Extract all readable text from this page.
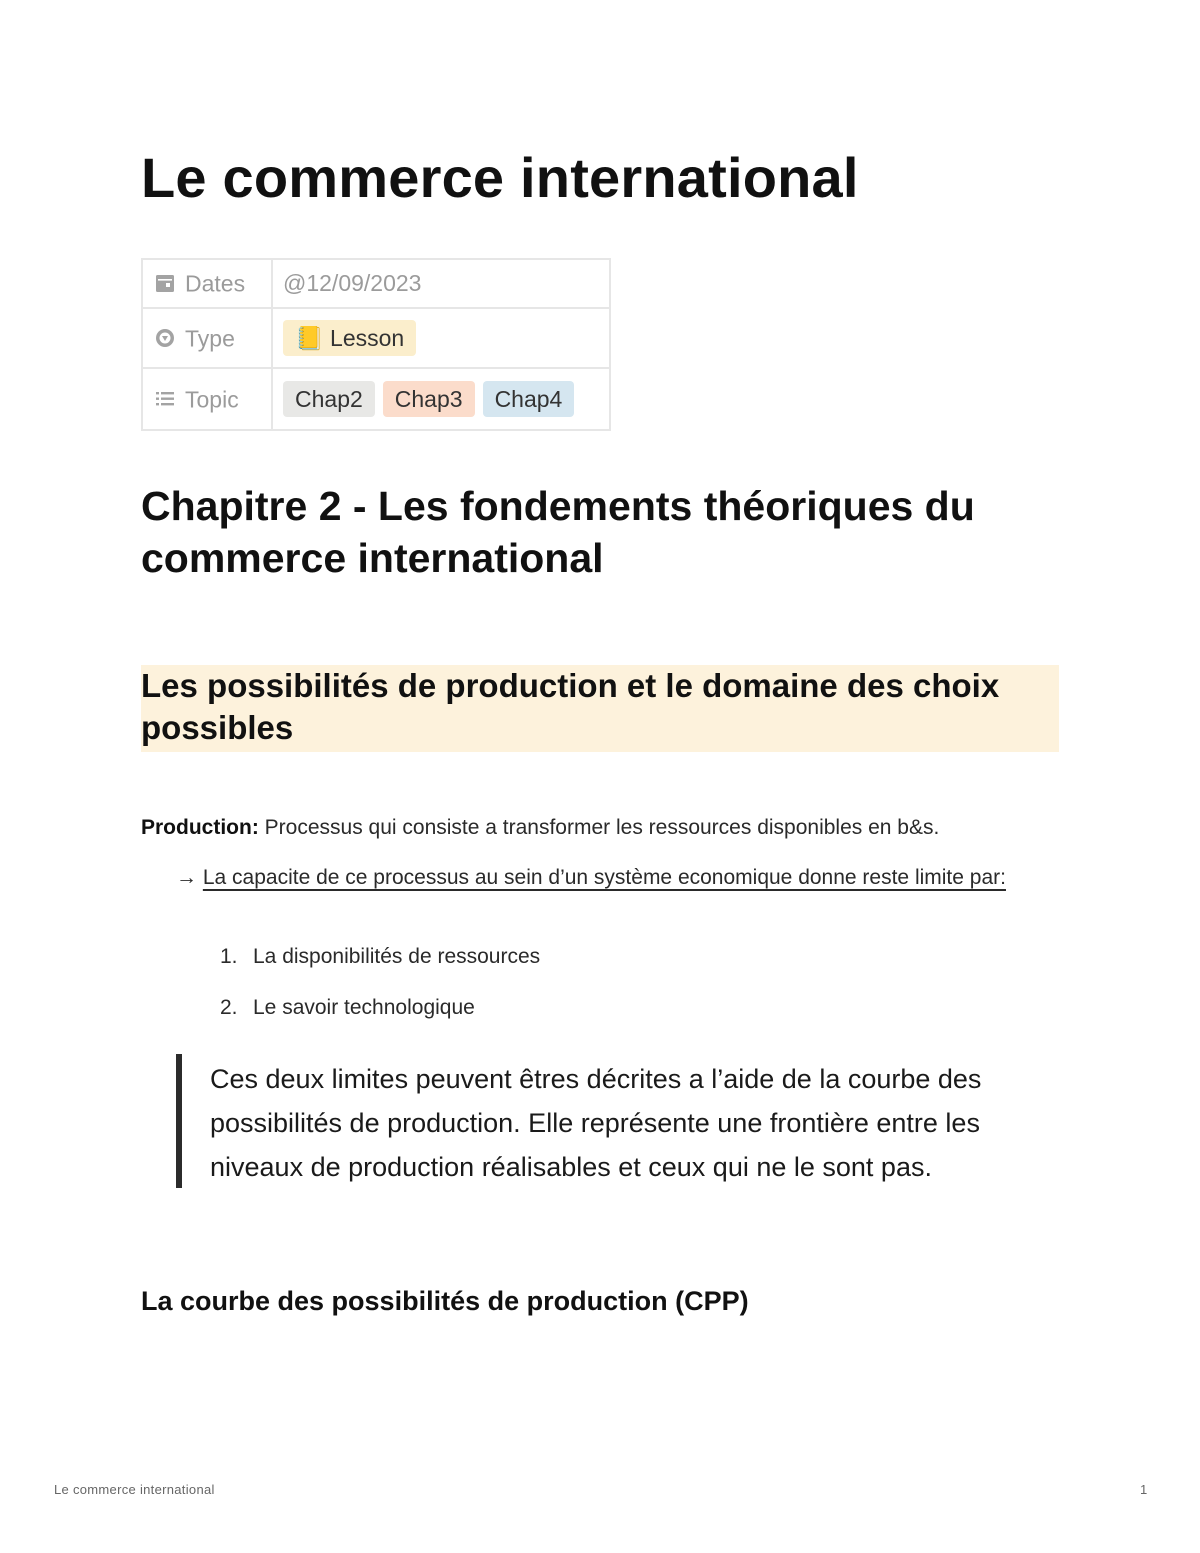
Le commerce international
Dates	@12/09/2023
Type	📒 Lesson
Topic	Chap2 Chap3 Chap4
Chapitre 2 - Les fondements théoriques du commerce international
Les possibilités de production et le domaine des choix possibles

Production: Processus qui consiste a transformer les ressources disponibles en b&s.

→ La capacite de ce processus au sein d’un système economique donne reste limite par:

1. La disponibilités de ressources
2. Le savoir technologique

Ces deux limites peuvent êtres décrites a l’aide de la courbe des possibilités de production. Elle représente une frontière entre les niveaux de production réalisables et ceux qui ne le sont pas.

La courbe des possibilités de production (CPP)
Le commerce international	1
